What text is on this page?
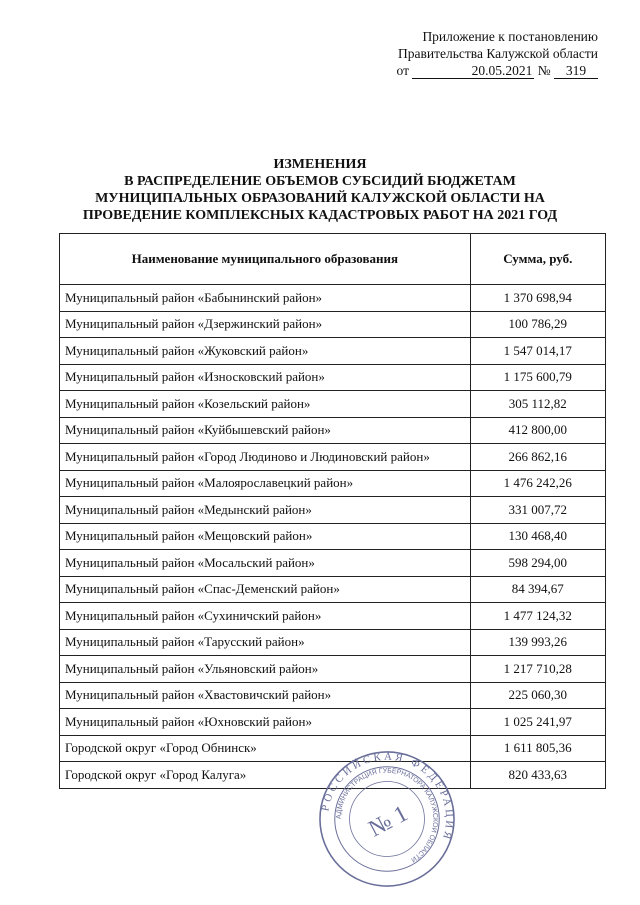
Приложение к постановлению
Правительства Калужской области
от	20.05.2021 № 319
ИЗМЕНЕНИЯ
В РАСПРЕДЕЛЕНИЕ ОБЪЕМОВ СУБСИДИЙ БЮДЖЕТАМ
МУНИЦИПАЛЬНЫХ ОБРАЗОВАНИЙ КАЛУЖСКОЙ ОБЛАСТИ НА
ПРОВЕДЕНИЕ КОМПЛЕКСНЫХ КАДАСТРОВЫХ РАБОТ НА 2021 ГОД
Наименование муниципального образования	Сумма, руб.
Муниципальный район «Бабынинский район»	1 370 698,94
Муниципальный район «Дзержинский район»	100 786,29
Муниципальный район «Жуковский район»	1 547 014,17
Муниципальный район «Износковский район»	1 175 600,79
Муниципальный район «Козельский район»	305 112,82
Муниципальный район «Куйбышевский район»	412 800,00
Муниципальный район «Город Людиново и Людиновский район»	266 862,16
Муниципальный район «Малоярославецкий район»	1 476 242,26
Муниципальный район «Медынский район»	331 007,72
Муниципальный район «Мещовский район»	130 468,40
Муниципальный район «Мосальский район»	598 294,00
Муниципальный район «Спас-Деменский район»	84 394,67
Муниципальный район «Сухиничский район»	1 477 124,32
Муниципальный район «Тарусский район»	139 993,26
Муниципальный район «Ульяновский район»	1 217 710,28
Муниципальный район «Хвастовичский район»	225 060,30
Муниципальный район «Юхновский район»	1 025 241,97
Городской округ «Город Обнинск»	1 611 805,36
Городской округ «Город Калуга»	820 433,63
РОССИЙСКАЯ ФЕДЕРАЦИЯ
АДМИНИСТРАЦИЯ ГУБЕРНАТОРА КАЛУЖСКОЙ ОБЛАСТИ
№ 1
